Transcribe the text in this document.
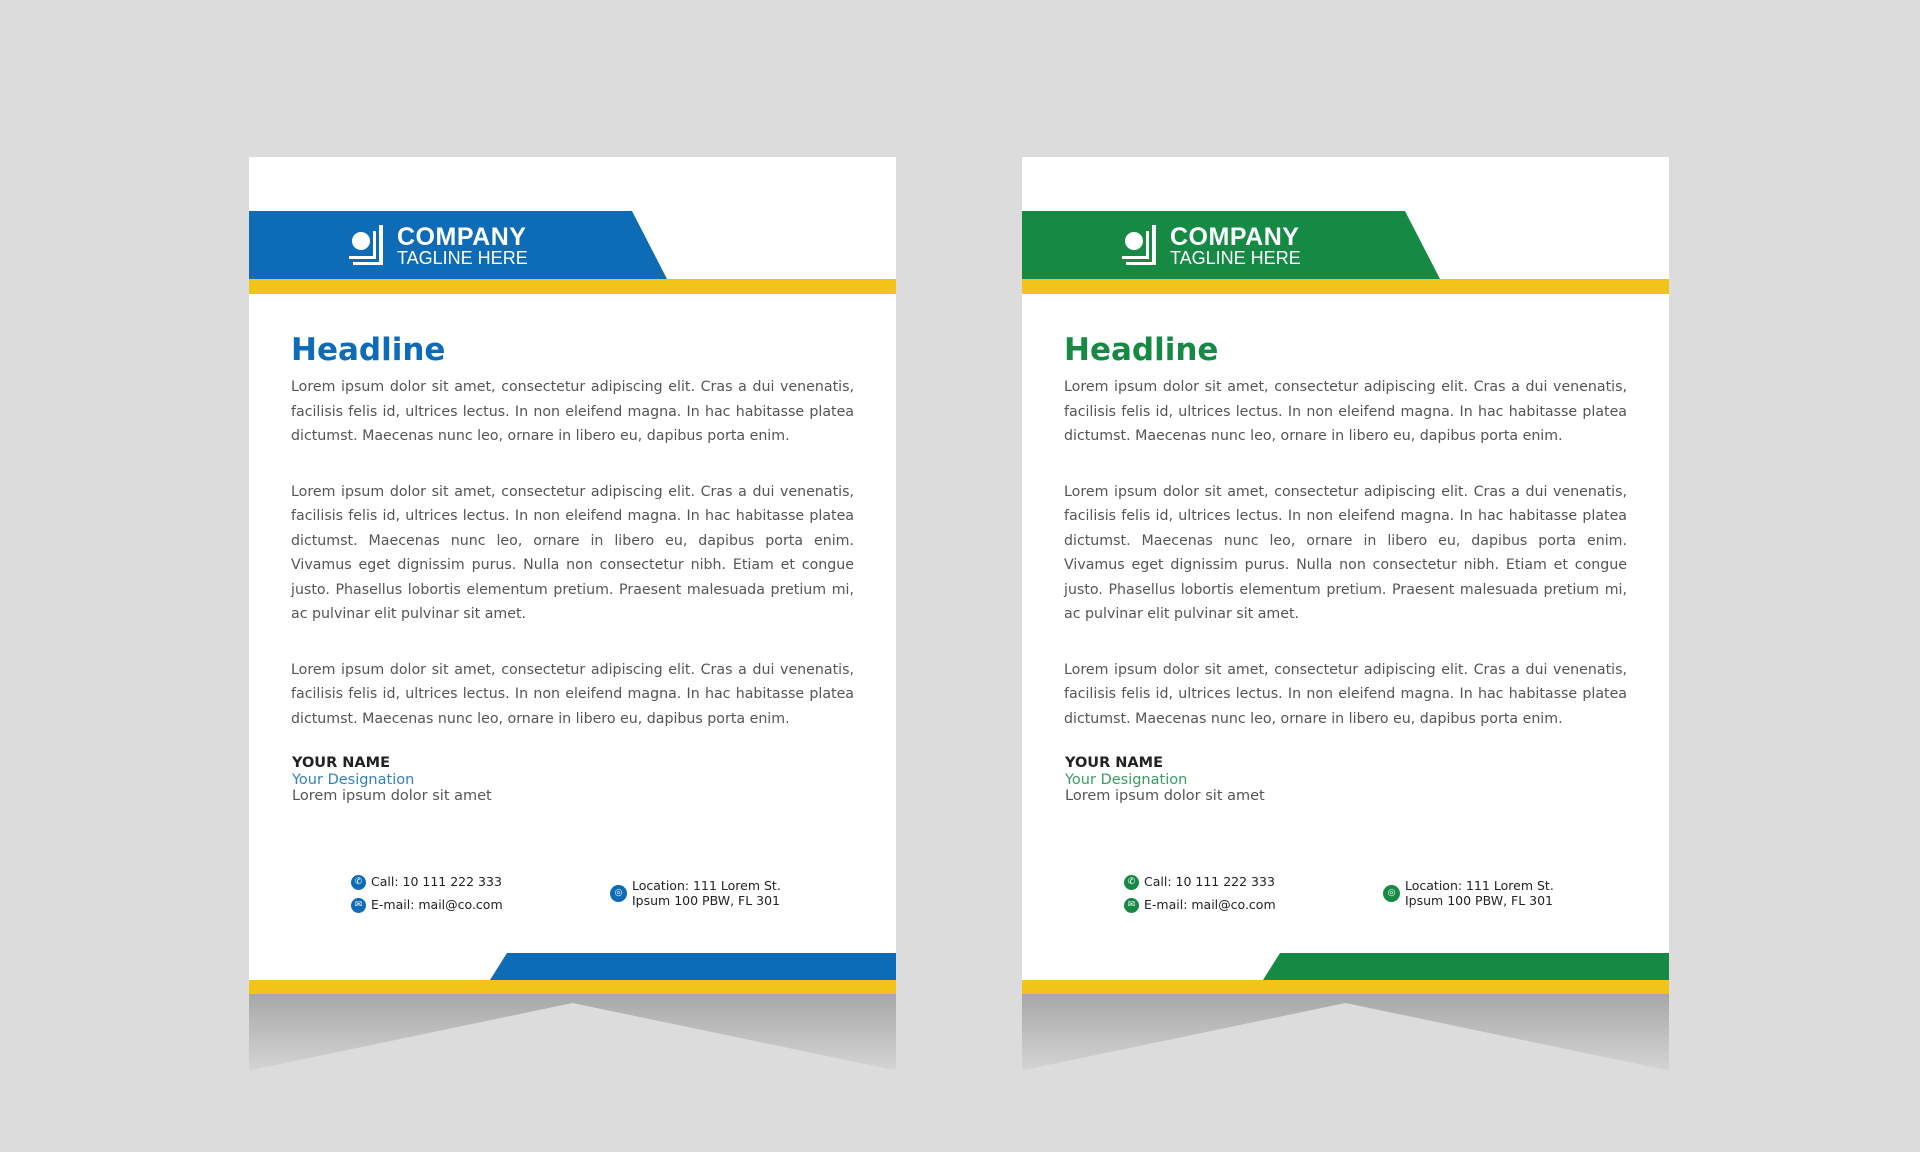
COMPANY
TAGLINE HERE
Headline

Lorem ipsum dolor sit amet, consectetur adipiscing elit. Cras a dui venenatis, facilisis felis id, ultrices lectus. In non eleifend magna. In hac habitasse platea dictumst. Maecenas nunc leo, ornare in libero eu, dapibus porta enim.

Lorem ipsum dolor sit amet, consectetur adipiscing elit. Cras a dui venenatis, facilisis felis id, ultrices lectus. In non eleifend magna. In hac habitasse platea dictumst. Maecenas nunc leo, ornare in libero eu, dapibus porta enim. Vivamus eget dignissim purus. Nulla non consectetur nibh. Etiam et congue justo. Phasellus lobortis elementum pretium. Praesent malesuada pretium mi, ac pulvinar elit pulvinar sit amet.

Lorem ipsum dolor sit amet, consectetur adipiscing elit. Cras a dui venenatis, facilisis felis id, ultrices lectus. In non eleifend magna. In hac habitasse platea dictumst. Maecenas nunc leo, ornare in libero eu, dapibus porta enim.

YOUR NAME
Your Designation
Lorem ipsum dolor sit amet
✆ Call: 10 111 222 333
✉ E-mail: mail@co.com
◎ Location: 111 Lorem St.
Ipsum 100 PBW, FL 301
COMPANY
TAGLINE HERE
Headline

Lorem ipsum dolor sit amet, consectetur adipiscing elit. Cras a dui venenatis, facilisis felis id, ultrices lectus. In non eleifend magna. In hac habitasse platea dictumst. Maecenas nunc leo, ornare in libero eu, dapibus porta enim.

Lorem ipsum dolor sit amet, consectetur adipiscing elit. Cras a dui venenatis, facilisis felis id, ultrices lectus. In non eleifend magna. In hac habitasse platea dictumst. Maecenas nunc leo, ornare in libero eu, dapibus porta enim. Vivamus eget dignissim purus. Nulla non consectetur nibh. Etiam et congue justo. Phasellus lobortis elementum pretium. Praesent malesuada pretium mi, ac pulvinar elit pulvinar sit amet.

Lorem ipsum dolor sit amet, consectetur adipiscing elit. Cras a dui venenatis, facilisis felis id, ultrices lectus. In non eleifend magna. In hac habitasse platea dictumst. Maecenas nunc leo, ornare in libero eu, dapibus porta enim.

YOUR NAME
Your Designation
Lorem ipsum dolor sit amet
✆ Call: 10 111 222 333
✉ E-mail: mail@co.com
◎ Location: 111 Lorem St.
Ipsum 100 PBW, FL 301
